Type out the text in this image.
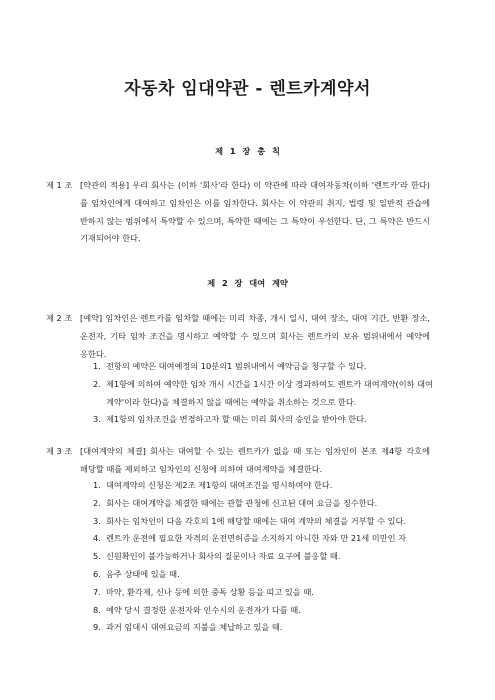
자동차 임대약관 - 렌트카계약서
제 1 장 총 칙
제 1 조 [약관의 적용] 우리 회사는 (이하 '회사'라 한다) 이 약관에 따라 대여자동차(이하 '렌트카'라 한다)를 임차인에게 대여하고 임차인은 이를 임차한다. 회사는 이 약관의 취지, 법령 및 일반적 관습에 반하지 않는 범위에서 특약할 수 있으며, 특약한 때에는 그 특약이 우선한다. 단, 그 특약은 반드시 기재되어야 한다.
제 2 장 대여 계약
제 2 조 [예약] 임차인은 렌트카를 임차할 때에는 미리 차종, 개시 일시, 대여 장소, 대여 기간, 반환 장소, 운전자, 기타 임차 조건을 명시하고 예약할 수 있으며 회사는 렌트카의 보유 범위내에서 예약에 응한다.
1. 전항의 예약은 대여예정의 10분의1 범위내에서 예약금을 청구할 수 있다.
2. 제1항에 의하여 예약한 임차 개시 시간을 1시간 이상 경과하여도 렌트카 대여계약(이하 대여계약'이라 한다)을 체결하지 않을 때에는 예약을 취소하는 것으로 한다.
3. 제1항의 임차조건을 변경하고자 할 때는 미리 회사의 승인을 받아야 한다.
제 3 조 [대여계약의 체결] 회사는 대여할 수 있는 렌트카가 없을 때 또는 임차인이 본조 제4항 각호에 해당할 때를 제외하고 임차인의 신청에 의하여 대여계약을 체결한다.
1. 대여계약의 신청은 제2조 제1항의 대여조건을 명시하여야 한다.
2. 회사는 대여계약을 체결한 때에는 관할 관청에 신고된 대여 요금을 징수한다.
3. 회사는 임차인이 다음 각호의 1에 해당할 때에는 대여 계약의 체결을 거부할 수 있다.
4. 렌트카 운전에 필요한 자격의 운전면허증을 소지하지 아니한 자와 만 21세 미만인 자
5. 신원확인이 불가능하거나 회사의 질문이나 자료 요구에 불응할 때.
6. 음주 상태에 있을 때.
7. 마약, 환각제, 신나 등에 의한 중독 상황 등을 띠고 있을 때.
8. 예약 당시 결정한 운전자와 인수시의 운전자가 다를 때.
9. 과거 임대시 대여요금의 지불을 체납하고 있을 때.
